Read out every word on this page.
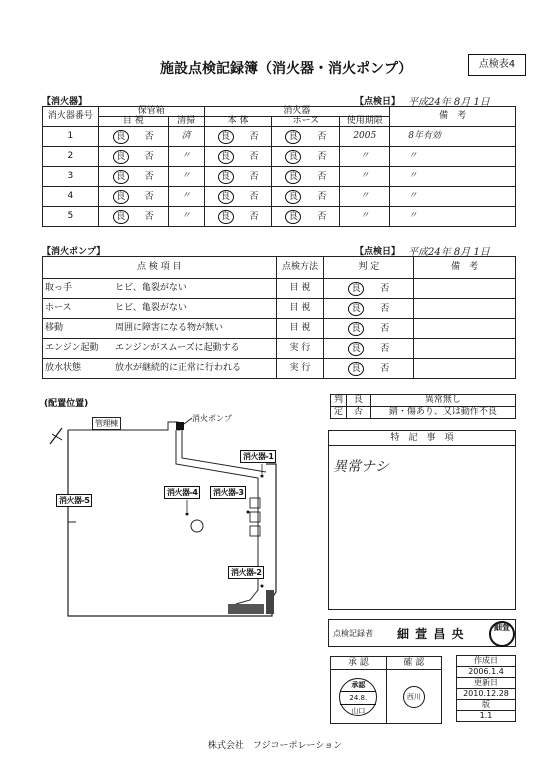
施設点検記録簿（消火器・消火ポンプ）	点検表4
【消火器】	【点検日】 平成24年 8月 1日
消火器番号	保管箱		消火器			備　考
	目 視	清掃	本 体	ホース	使用期限	
1	良 否	済	良 否	良 否	2005	8年有効
2	良 否	〃	良 否	良 否	〃	〃
3	良 否	〃	良 否	良 否	〃	〃
4	良 否	〃	良 否	良 否	〃	〃
5	良 否	〃	良 否	良 否	〃	〃
【消火ポンプ】	【点検日】 平成24年 8月 1日
点 検 項 目	点検方法	判 定	備　考
取っ手 ヒビ、亀裂がない	目 視	良 否	
ホース ヒビ、亀裂がない	目 視	良 否	
移動 周囲に障害になる物が無い	目 視	良 否	
エンジン起動 エンジンがスムーズに起動する	実 行	良 否	
放水状態 放水が継続的に正常に行われる	実 行	良 否	
(配置位置)
管理棟
消火ポンプ
消火器-1
消火器-2
消火器-3
消火器-4
消火器-5
判	良	異常無し
定	否	錆・傷あり、又は動作不良
特　記　事　項
異常ナシ
点検記録者 細 萱 昌 央	細萱
承 認	確 認

承認
24.8.
山口	西川
作成日
2006.1.4
更新日
2010.12.28
版
1.1
株式会社　フジコーポレーション
